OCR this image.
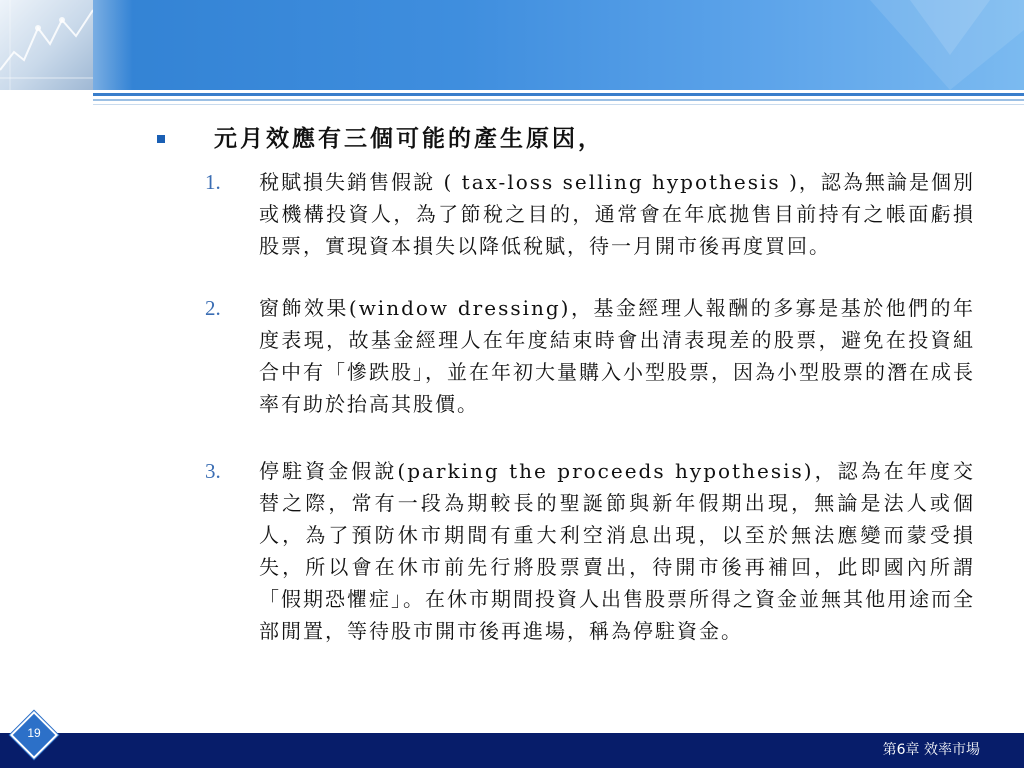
元月效應有三個可能的產生原因，
1. 稅賦損失銷售假說 ( tax-loss selling hypothesis )，認為無論是個別或機構投資人，為了節稅之目的，通常會在年底拋售目前持有之帳面虧損股票，實現資本損失以降低稅賦，待一月開市後再度買回。

2. 窗飾效果(window dressing)，基金經理人報酬的多寡是基於他們的年度表現，故基金經理人在年度結束時會出清表現差的股票，避免在投資組合中有「慘跌股」，並在年初大量購入小型股票，因為小型股票的潛在成長率有助於抬高其股價。

3. 停駐資金假說(parking the proceeds hypothesis)，認為在年度交替之際，常有一段為期較長的聖誕節與新年假期出現，無論是法人或個人，為了預防休市期間有重大利空消息出現，以至於無法應變而蒙受損失，所以會在休市前先行將股票賣出，待開市後再補回，此即國內所謂「假期恐懼症」。在休市期間投資人出售股票所得之資金並無其他用途而全部閒置，等待股市開市後再進場，稱為停駐資金。

19
第6章 效率市場
